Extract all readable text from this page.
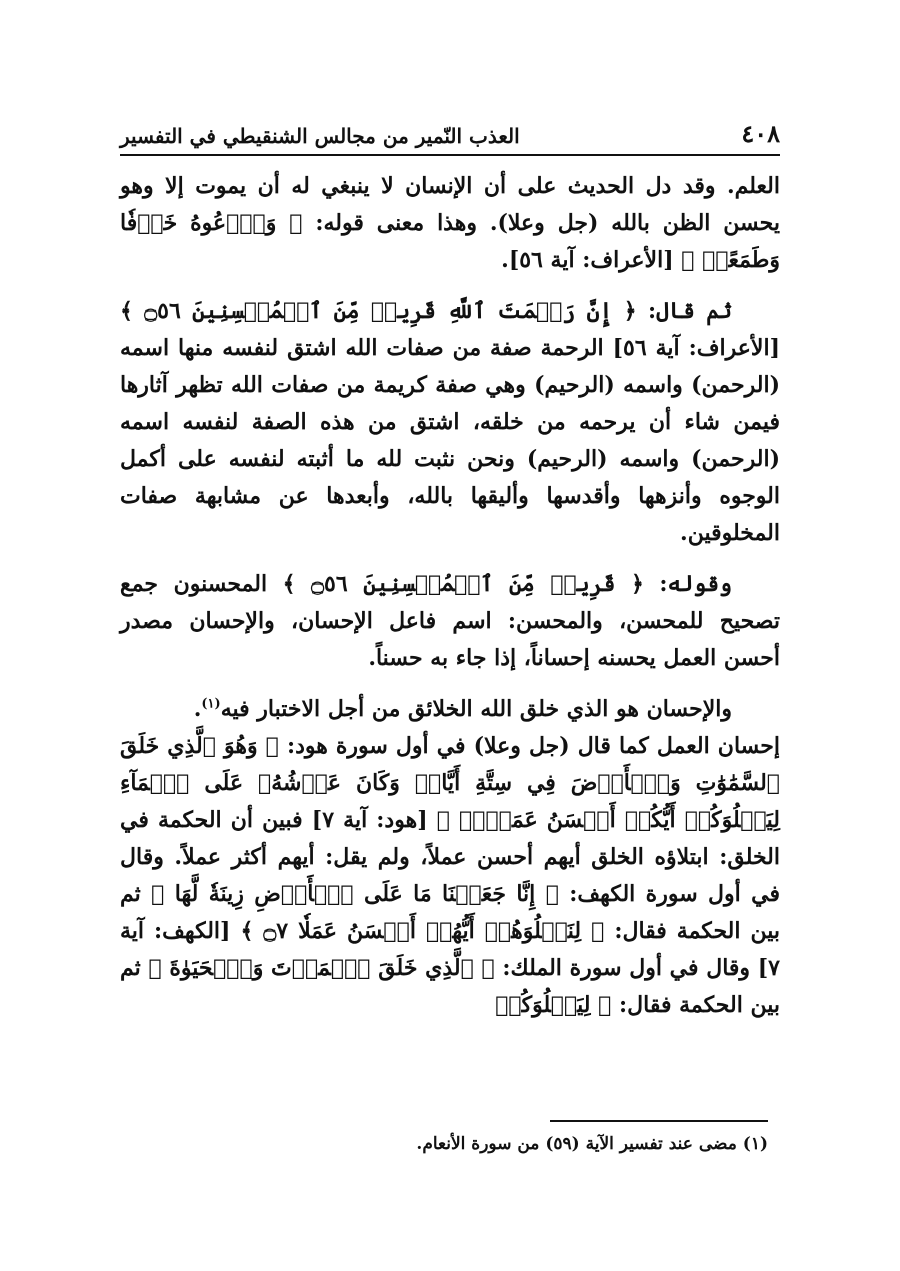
٤٠٨
العذب النّمير من مجالس الشنقيطي في التفسير

العلم. وقد دل الحديث على أن الإنسان لا ينبغي له أن يموت إلا وهو يحسن الظن بالله (جل وعلا). وهذا معنى قوله: ﴿ وَٱدۡعُوهُ خَوۡفٗا وَطَمَعًاۚ ﴾ [الأعراف: آية ٥٦].

ثم قال: ﴿ إِنَّ رَحۡمَتَ ٱللَّهِ قَرِيبٞ مِّنَ ٱلۡمُحۡسِنِينَ ۝٥٦ ﴾ [الأعراف: آية ٥٦] الرحمة صفة من صفات الله اشتق لنفسه منها اسمه (الرحمن) واسمه (الرحيم) وهي صفة كريمة من صفات الله تظهر آثارها فيمن شاء أن يرحمه من خلقه، اشتق من هذه الصفة لنفسه اسمه (الرحمن) واسمه (الرحيم) ونحن نثبت لله ما أثبته لنفسه على أكمل الوجوه وأنزهها وأقدسها وأليقها بالله، وأبعدها عن مشابهة صفات المخلوقين.

وقوله: ﴿ قَرِيبٞ مِّنَ ٱلۡمُحۡسِنِينَ ۝٥٦ ﴾ المحسنون جمع تصحيح للمحسن، والمحسن: اسم فاعل الإحسان، والإحسان مصدر أحسن العمل يحسنه إحساناً، إذا جاء به حسناً.

والإحسان هو الذي خلق الله الخلائق من أجل الاختبار فيه$^{(١)}$.

إحسان العمل كما قال (جل وعلا) في أول سورة هود: ﴿ وَهُوَ ٱلَّذِي خَلَقَ ٱلسَّمَٰوَٰتِ وَٱلۡأَرۡضَ فِي سِتَّةِ أَيَّامٖ وَكَانَ عَرۡشُهُۥ عَلَى ٱلۡمَآءِ لِيَبۡلُوَكُمۡ أَيُّكُمۡ أَحۡسَنُ عَمَلٗاۗ ﴾ [هود: آية ٧] فبين أن الحكمة في الخلق: ابتلاؤه الخلق أيهم أحسن عملاً، ولم يقل: أيهم أكثر عملاً. وقال في أول سورة الكهف: ﴿ إِنَّا جَعَلۡنَا مَا عَلَى ٱلۡأَرۡضِ زِينَةٗ لَّهَا ﴾ ثم بين الحكمة فقال: ﴿ لِنَبۡلُوَهُمۡ أَيُّهُمۡ أَحۡسَنُ عَمَلٗا ۝٧ ﴾ [الكهف: آية ٧] وقال في أول سورة الملك: ﴿ ٱلَّذِي خَلَقَ ٱلۡمَوۡتَ وَٱلۡحَيَوٰةَ ﴾ ثم بين الحكمة فقال: ﴿ لِيَبۡلُوَكُمۡ

(١) مضى عند تفسير الآية (٥٩) من سورة الأنعام.
